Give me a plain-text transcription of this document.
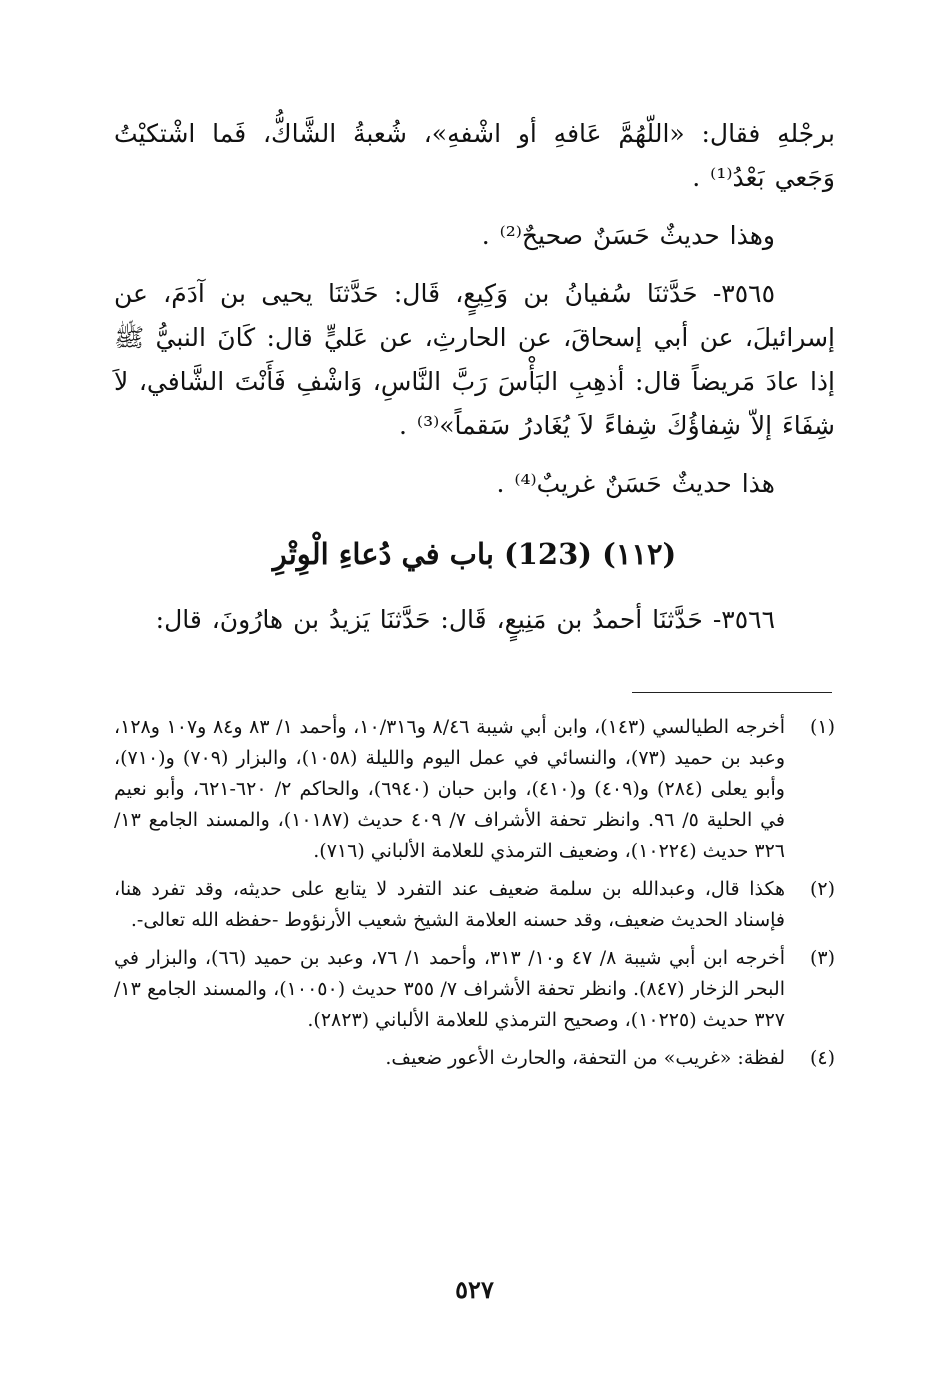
برجْلهِ فقال: «اللّهُمَّ عَافهِ أو اشْفهِ»، شُعبةُ الشَّاكُّ، فَما اشْتكيْتُ وَجَعي بَعْدُ⁽¹⁾ .

وهذا حديثٌ حَسَنٌ صحيحٌ⁽²⁾ .

٣٥٦٥- حَدَّثنَا سُفيانُ بن وَكِيعٍ، قَال: حَدَّثنَا يحيى بن آدَمَ، عن إسرائيلَ، عن أبي إسحاقَ، عن الحارثِ، عن عَليٍّ قال: كَانَ النبيُّ ﷺ إذا عادَ مَريضاً قال: أذهِبِ البَأْسَ رَبَّ النَّاسِ، وَاشْفِ فَأَنْتَ الشَّافي، لاَ شِفَاءَ إلاّ شِفاؤُكَ شِفاءً لاَ يُغَادرُ سَقماً»⁽³⁾ .

هذا حديثٌ حَسَنٌ غريبٌ⁽⁴⁾ .

(١١٢) (123) باب في دُعاءِ الْوِتْرِ

٣٥٦٦- حَدَّثنَا أحمدُ بن مَنِيعٍ، قَال: حَدَّثنَا يَزيدُ بن هارُونَ، قال:

(١)
أخرجه الطيالسي (١٤٣)، وابن أبي شيبة ٨/٤٦ و١٠/٣١٦، وأحمد ١/ ٨٣ و٨٤ و١٠٧ و١٢٨، وعبد بن حميد (٧٣)، والنسائي في عمل اليوم والليلة (١٠٥٨)، والبزار (٧٠٩) و(٧١٠)، وأبو يعلى (٢٨٤) و(٤٠٩) و(٤١٠)، وابن حبان (٦٩٤٠)، والحاكم ٢/ ٦٢٠-٦٢١، وأبو نعيم في الحلية ٥/ ٩٦. وانظر تحفة الأشراف ٧/ ٤٠٩ حديث (١٠١٨٧)، والمسند الجامع ١٣/ ٣٢٦ حديث (١٠٢٢٤)، وضعيف الترمذي للعلامة الألباني (٧١٦).
(٢)
هكذا قال، وعبدالله بن سلمة ضعيف عند التفرد لا يتابع على حديثه، وقد تفرد هنا، فإسناد الحديث ضعيف، وقد حسنه العلامة الشيخ شعيب الأرنؤوط -حفظه الله تعالى-.
(٣)
أخرجه ابن أبي شيبة ٨/ ٤٧ و١٠/ ٣١٣، وأحمد ١/ ٧٦، وعبد بن حميد (٦٦)، والبزار في البحر الزخار (٨٤٧). وانظر تحفة الأشراف ٧/ ٣٥٥ حديث (١٠٠٥٠)، والمسند الجامع ١٣/ ٣٢٧ حديث (١٠٢٢٥)، وصحيح الترمذي للعلامة الألباني (٢٨٢٣).
(٤)
لفظة: «غريب» من التحفة، والحارث الأعور ضعيف.
٥٢٧
